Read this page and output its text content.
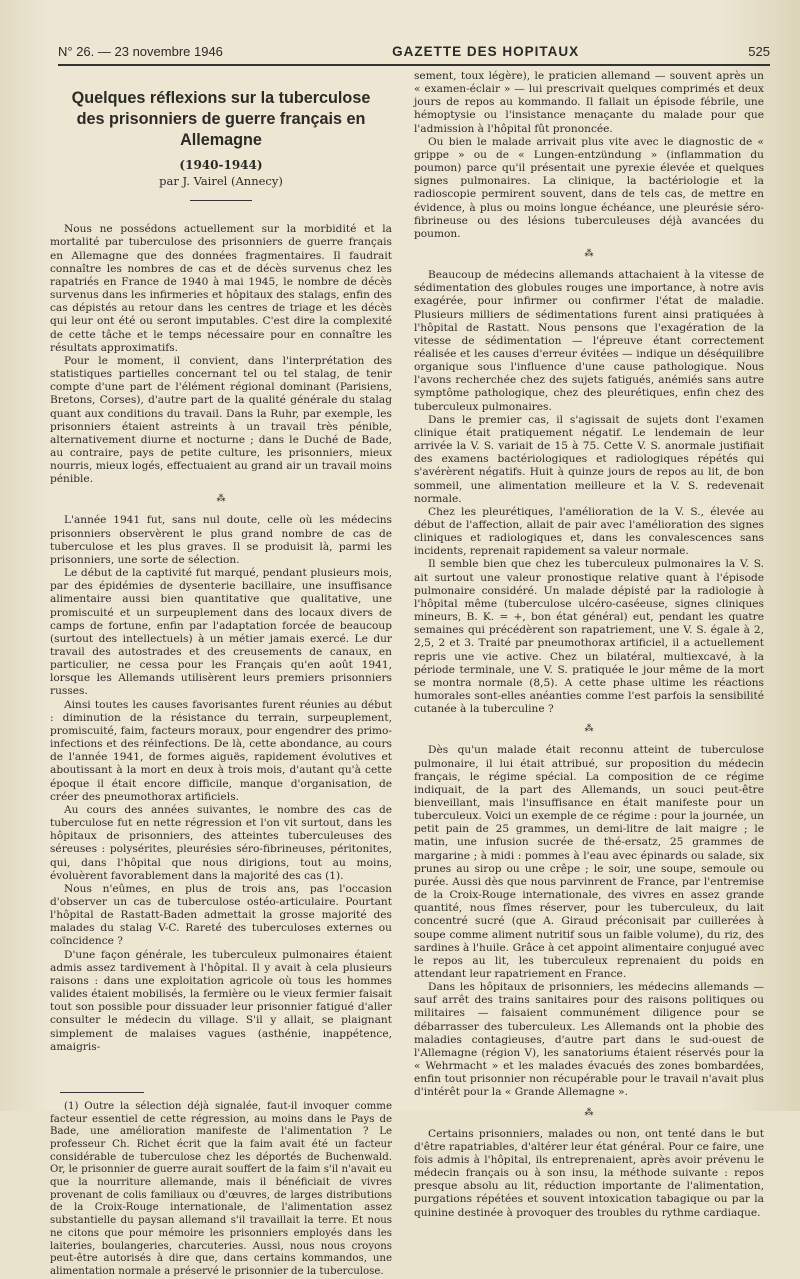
N° 26. — 23 novembre 1946	GAZETTE DES HOPITAUX	525
Quelques réflexions sur la tuberculose
des prisonniers de guerre français en Allemagne
(1940-1944)
par J. Vairel (Annecy)

Nous ne possédons actuellement sur la morbidité et la mortalité par tuberculose des prisonniers de guerre français en Allemagne que des données fragmentaires. Il faudrait connaître les nombres de cas et de décès survenus chez les rapatriés en France de 1940 à mai 1945, le nombre de décès survenus dans les infirmeries et hôpitaux des stalags, enfin des cas dépistés au retour dans les centres de triage et les décès qui leur ont été ou seront imputables. C'est dire la complexité de cette tâche et le temps nécessaire pour en connaître les résultats approximatifs.

Pour le moment, il convient, dans l'interprétation des statistiques partielles concernant tel ou tel stalag, de tenir compte d'une part de l'élément régional dominant (Parisiens, Bretons, Corses), d'autre part de la qualité générale du stalag quant aux conditions du travail. Dans la Ruhr, par exemple, les prisonniers étaient astreints à un travail très pénible, alternativement diurne et nocturne ; dans le Duché de Bade, au contraire, pays de petite culture, les prisonniers, mieux nourris, mieux logés, effectuaient au grand air un travail moins pénible.

⁂

L'année 1941 fut, sans nul doute, celle où les médecins prisonniers observèrent le plus grand nombre de cas de tuberculose et les plus graves. Il se produisit là, parmi les prisonniers, une sorte de sélection.

Le début de la captivité fut marqué, pendant plusieurs mois, par des épidémies de dysenterie bacillaire, une insuffisance alimentaire aussi bien quantitative que qualitative, une promiscuité et un surpeuplement dans des locaux divers de camps de fortune, enfin par l'adaptation forcée de beaucoup (surtout des intellectuels) à un métier jamais exercé. Le dur travail des autostrades et des creusements de canaux, en particulier, ne cessa pour les Français qu'en août 1941, lorsque les Allemands utilisèrent leurs premiers prisonniers russes.

Ainsi toutes les causes favorisantes furent réunies au début : diminution de la résistance du terrain, surpeuplement, promiscuité, faim, facteurs moraux, pour engendrer des primo-infections et des réinfections. De là, cette abondance, au cours de l'année 1941, de formes aiguës, rapidement évolutives et aboutissant à la mort en deux à trois mois, d'autant qu'à cette époque il était encore difficile, manque d'organisation, de créer des pneumothorax artificiels.

Au cours des années suivantes, le nombre des cas de tuberculose fut en nette régression et l'on vit surtout, dans les hôpitaux de prisonniers, des atteintes tuberculeuses des séreuses : polysérites, pleurésies séro-fibrineuses, péritonites, qui, dans l'hôpital que nous dirigions, tout au moins, évoluèrent favorablement dans la majorité des cas (1).

Nous n'eûmes, en plus de trois ans, pas l'occasion d'observer un cas de tuberculose ostéo-articulaire. Pourtant l'hôpital de Rastatt-Baden admettait la grosse majorité des malades du stalag V-C. Rareté des tuberculoses externes ou coïncidence ?

D'une façon générale, les tuberculeux pulmonaires étaient admis assez tardivement à l'hôpital. Il y avait à cela plusieurs raisons : dans une exploitation agricole où tous les hommes valides étaient mobilisés, la fermière ou le vieux fermier faisait tout son possible pour dissuader leur prisonnier fatigué d'aller consulter le médecin du village. S'il y allait, se plaignant simplement de malaises vagues (asthénie, inappétence, amaigris-

(1) Outre la sélection déjà signalée, faut-il invoquer comme facteur essentiel de cette régression, au moins dans le Pays de Bade, une amélioration manifeste de l'alimentation ? Le professeur Ch. Richet écrit que la faim avait été un facteur considérable de tuberculose chez les déportés de Buchenwald. Or, le prisonnier de guerre aurait souffert de la faim s'il n'avait eu que la nourriture allemande, mais il bénéficiait de vivres provenant de colis familiaux ou d'œuvres, de larges distributions de la Croix-Rouge internationale, de l'alimentation assez substantielle du paysan allemand s'il travaillait la terre. Et nous ne citons que pour mémoire les prisonniers employés dans les laiteries, boulangeries, charcuteries. Aussi, nous nous croyons peut-être autorisés à dire que, dans certains kommandos, une alimentation normale a préservé le prisonnier de la tuberculose.

sement, toux légère), le praticien allemand — souvent après un « examen-éclair » — lui prescrivait quelques comprimés et deux jours de repos au kommando. Il fallait un épisode fébrile, une hémoptysie ou l'insistance menaçante du malade pour que l'admission à l'hôpital fût prononcée.

Ou bien le malade arrivait plus vite avec le diagnostic de « grippe » ou de « Lungen-entzündung » (inflammation du poumon) parce qu'il présentait une pyrexie élevée et quelques signes pulmonaires. La clinique, la bactériologie et la radioscopie permirent souvent, dans de tels cas, de mettre en évidence, à plus ou moins longue échéance, une pleurésie séro-fibrineuse ou des lésions tuberculeuses déjà avancées du poumon.

⁂

Beaucoup de médecins allemands attachaient à la vitesse de sédimentation des globules rouges une importance, à notre avis exagérée, pour infirmer ou confirmer l'état de maladie. Plusieurs milliers de sédimentations furent ainsi pratiquées à l'hôpital de Rastatt. Nous pensons que l'exagération de la vitesse de sédimentation — l'épreuve étant correctement réalisée et les causes d'erreur évitées — indique un déséquilibre organique sous l'influence d'une cause pathologique. Nous l'avons recherchée chez des sujets fatigués, anémiés sans autre symptôme pathologique, chez des pleurétiques, enfin chez des tuberculeux pulmonaires.

Dans le premier cas, il s'agissait de sujets dont l'examen clinique était pratiquement négatif. Le lendemain de leur arrivée la V. S. variait de 15 à 75. Cette V. S. anormale justifiait des examens bactériologiques et radiologiques répétés qui s'avérèrent négatifs. Huit à quinze jours de repos au lit, de bon sommeil, une alimentation meilleure et la V. S. redevenait normale.

Chez les pleurétiques, l'amélioration de la V. S., élevée au début de l'affection, allait de pair avec l'amélioration des signes cliniques et radiologiques et, dans les convalescences sans incidents, reprenait rapidement sa valeur normale.

Il semble bien que chez les tuberculeux pulmonaires la V. S. ait surtout une valeur pronostique relative quant à l'épisode pulmonaire considéré. Un malade dépisté par la radiologie à l'hôpital même (tuberculose ulcéro-caséeuse, signes cliniques mineurs, B. K. = +, bon état général) eut, pendant les quatre semaines qui précédèrent son rapatriement, une V. S. égale à 2, 2,5, 2 et 3. Traité par pneumothorax artificiel, il a actuellement repris une vie active. Chez un bilatéral, multiexcavé, à la période terminale, une V. S. pratiquée le jour même de la mort se montra normale (8,5). A cette phase ultime les réactions humorales sont-elles anéanties comme l'est parfois la sensibilité cutanée à la tuberculine ?

⁂

Dès qu'un malade était reconnu atteint de tuberculose pulmonaire, il lui était attribué, sur proposition du médecin français, le régime spécial. La composition de ce régime indiquait, de la part des Allemands, un souci peut-être bienveillant, mais l'insuffisance en était manifeste pour un tuberculeux. Voici un exemple de ce régime : pour la journée, un petit pain de 25 grammes, un demi-litre de lait maigre ; le matin, une infusion sucrée de thé-ersatz, 25 grammes de margarine ; à midi : pommes à l'eau avec épinards ou salade, six prunes au sirop ou une crêpe ; le soir, une soupe, semoule ou purée. Aussi dès que nous parvinrent de France, par l'entremise de la Croix-Rouge internationale, des vivres en assez grande quantité, nous fîmes réserver, pour les tuberculeux, du lait concentré sucré (que A. Giraud préconisait par cuillerées à soupe comme aliment nutritif sous un faible volume), du riz, des sardines à l'huile. Grâce à cet appoint alimentaire conjugué avec le repos au lit, les tuberculeux reprenaient du poids en attendant leur rapatriement en France.

Dans les hôpitaux de prisonniers, les médecins allemands — sauf arrêt des trains sanitaires pour des raisons politiques ou militaires — faisaient communément diligence pour se débarrasser des tuberculeux. Les Allemands ont la phobie des maladies contagieuses, d'autre part dans le sud-ouest de l'Allemagne (région V), les sanatoriums étaient réservés pour la « Wehrmacht » et les malades évacués des zones bombardées, enfin tout prisonnier non récupérable pour le travail n'avait plus d'intérêt pour la « Grande Allemagne ».

⁂

Certains prisonniers, malades ou non, ont tenté dans le but d'être rapatriables, d'altérer leur état général. Pour ce faire, une fois admis à l'hôpital, ils entreprenaient, après avoir prévenu le médecin français ou à son insu, la méthode suivante : repos presque absolu au lit, réduction importante de l'alimentation, purgations répétées et souvent intoxication tabagique ou par la quinine destinée à provoquer des troubles du rythme cardiaque.
